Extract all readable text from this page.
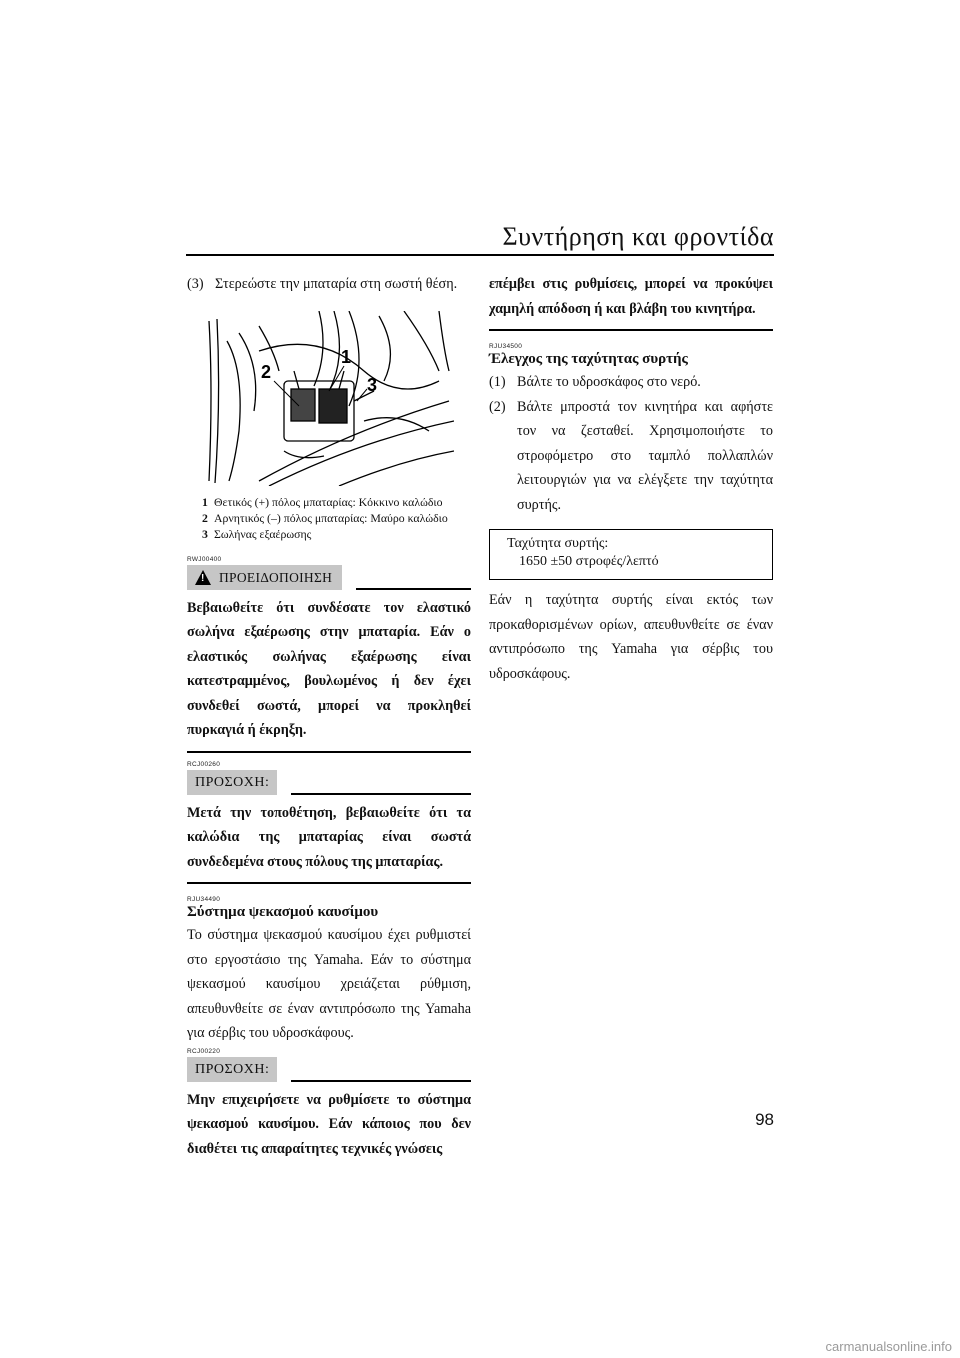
Συντήρηση και φροντίδα
(3) Στερεώστε την μπαταρία στη σωστή θέση.
2
1
3
1 Θετικός (+) πόλος μπαταρίας: Κόκκινο καλώδιο
2 Αρνητικός (–) πόλος μπαταρίας: Μαύρο καλώδιο
3 Σωλήνας εξαέρωσης

RWJ00400

! ΠΡΟΕΙΔΟΠΟΙΗΣΗ

Βεβαιωθείτε ότι συνδέσατε τον ελαστικό σωλήνα εξαέρωσης στην μπαταρία. Εάν ο ελαστικός σωλήνας εξαέρωσης είναι κατεστραμμένος, βουλωμένος ή δεν έχει συνδεθεί σωστά, μπορεί να προκληθεί πυρκαγιά ή έκρηξη.

RCJ00260

ΠΡΟΣΟΧΗ:

Μετά την τοποθέτηση, βεβαιωθείτε ότι τα καλώδια της μπαταρίας είναι σωστά συνδεδεμένα στους πόλους της μπαταρίας.

RJU34490

Σύστημα ψεκασμού καυσίμου

Το σύστημα ψεκασμού καυσίμου έχει ρυθμιστεί στο εργοστάσιο της Yamaha. Εάν το σύστημα ψεκασμού καυσίμου χρειάζεται ρύθμιση, απευθυνθείτε σε έναν αντιπρόσωπο της Yamaha για σέρβις του υδροσκάφους.

RCJ00220

ΠΡΟΣΟΧΗ:

Μην επιχειρήσετε να ρυθμίσετε το σύστημα ψεκασμού καυσίμου. Εάν κάποιος που δεν διαθέτει τις απαραίτητες τεχνικές γνώσεις

επέμβει στις ρυθμίσεις, μπορεί να προκύψει χαμηλή απόδοση ή και βλάβη του κινητήρα.

RJU34500

Έλεγχος της ταχύτητας συρτής

(1) Βάλτε το υδροσκάφος στο νερό.
(2) Βάλτε μπροστά τον κινητήρα και αφήστε τον να ζεσταθεί. Χρησιμοποιήστε το στροφόμετρο στο ταμπλό πολλαπλών λειτουργιών για να ελέγξετε την ταχύτητα συρτής.
Ταχύτητα συρτής:
1650 ±50 στροφές/λεπτό

Εάν η ταχύτητα συρτής είναι εκτός των προκαθορισμένων ορίων, απευθυνθείτε σε έναν αντιπρόσωπο της Yamaha για σέρβις του υδροσκάφους.

98
carmanualsonline.info
